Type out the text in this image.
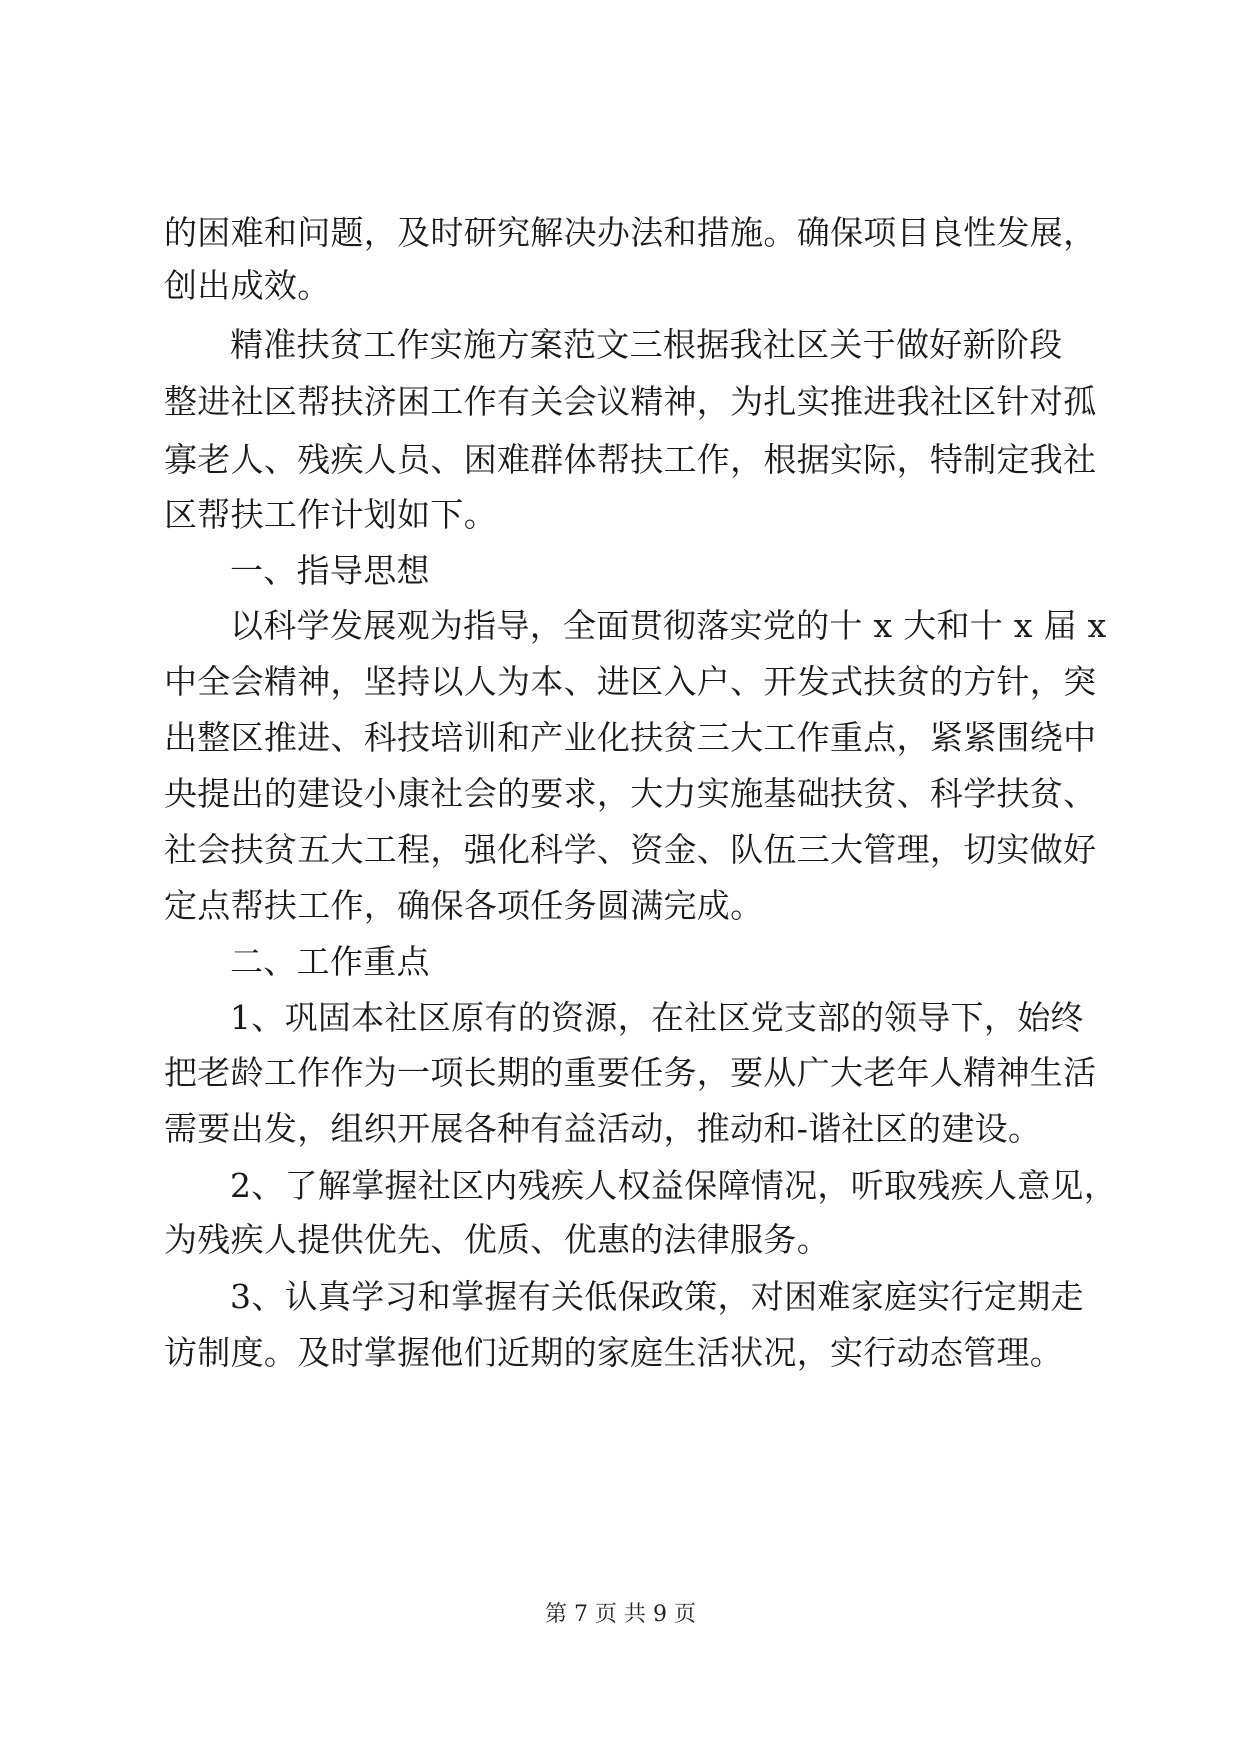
的困难和问题，及时研究解决办法和措施。确保项目良性发展，
创出成效。
精准扶贫工作实施方案范文三根据我社区关于做好新阶段
整进社区帮扶济困工作有关会议精神，为扎实推进我社区针对孤
寡老人、残疾人员、困难群体帮扶工作，根据实际，特制定我社
区帮扶工作计划如下。
一、指导思想
以科学发展观为指导，全面贯彻落实党的十 x 大和十 x 届 x
中全会精神，坚持以人为本、进区入户、开发式扶贫的方针，突
出整区推进、科技培训和产业化扶贫三大工作重点，紧紧围绕中
央提出的建设小康社会的要求，大力实施基础扶贫、科学扶贫、
社会扶贫五大工程，强化科学、资金、队伍三大管理，切实做好
定点帮扶工作，确保各项任务圆满完成。
二、工作重点
1、巩固本社区原有的资源，在社区党支部的领导下，始终
把老龄工作作为一项长期的重要任务，要从广大老年人精神生活
需要出发，组织开展各种有益活动，推动和-谐社区的建设。
2、了解掌握社区内残疾人权益保障情况，听取残疾人意见，
为残疾人提供优先、优质、优惠的法律服务。
3、认真学习和掌握有关低保政策，对困难家庭实行定期走
访制度。及时掌握他们近期的家庭生活状况，实行动态管理。
第 7 页 共 9 页
